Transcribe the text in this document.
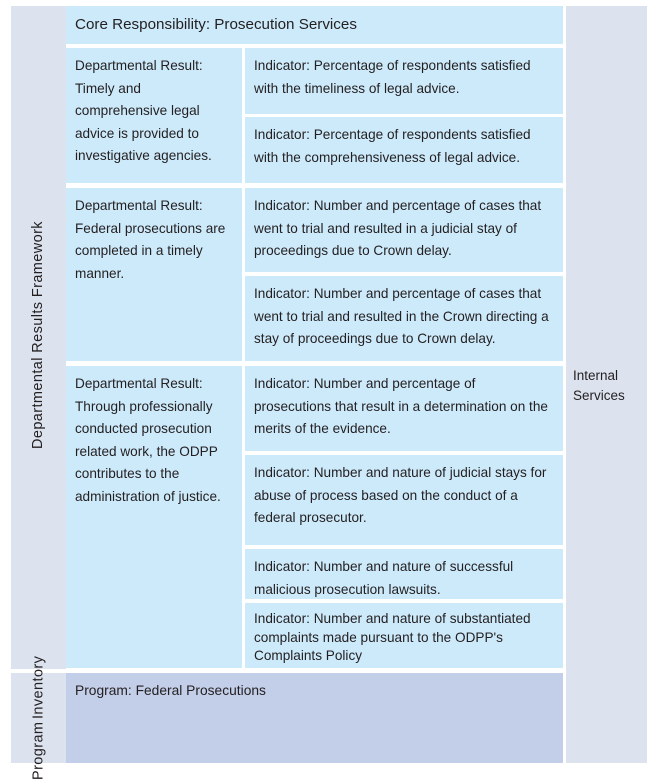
Departmental Results Framework
Program
Inventory
Internal
Services
Core Responsibility: Prosecution Services
Departmental Result: Timely and comprehensive legal advice is provided to investigative agencies.
Indicator: Percentage of respondents satisfied with the timeliness of legal advice.
Indicator: Percentage of respondents satisfied with the comprehensiveness of legal advice.
Departmental Result: Federal prosecutions are completed in a timely manner.
Indicator: Number and percentage of cases that went to trial and resulted in a judicial stay of proceedings due to Crown delay.
Indicator: Number and percentage of cases that went to trial and resulted in the Crown directing a stay of proceedings due to Crown delay.
Departmental Result: Through professionally conducted prosecution related work, the ODPP contributes to the administration of justice.
Indicator: Number and percentage of prosecutions that result in a determination on the merits of the evidence.
Indicator: Number and nature of judicial stays for abuse of process based on the conduct of a federal prosecutor.
Indicator: Number and nature of successful malicious prosecution lawsuits.
Indicator: Number and nature of substantiated complaints made pursuant to the ODPP's Complaints Policy
Program: Federal Prosecutions
